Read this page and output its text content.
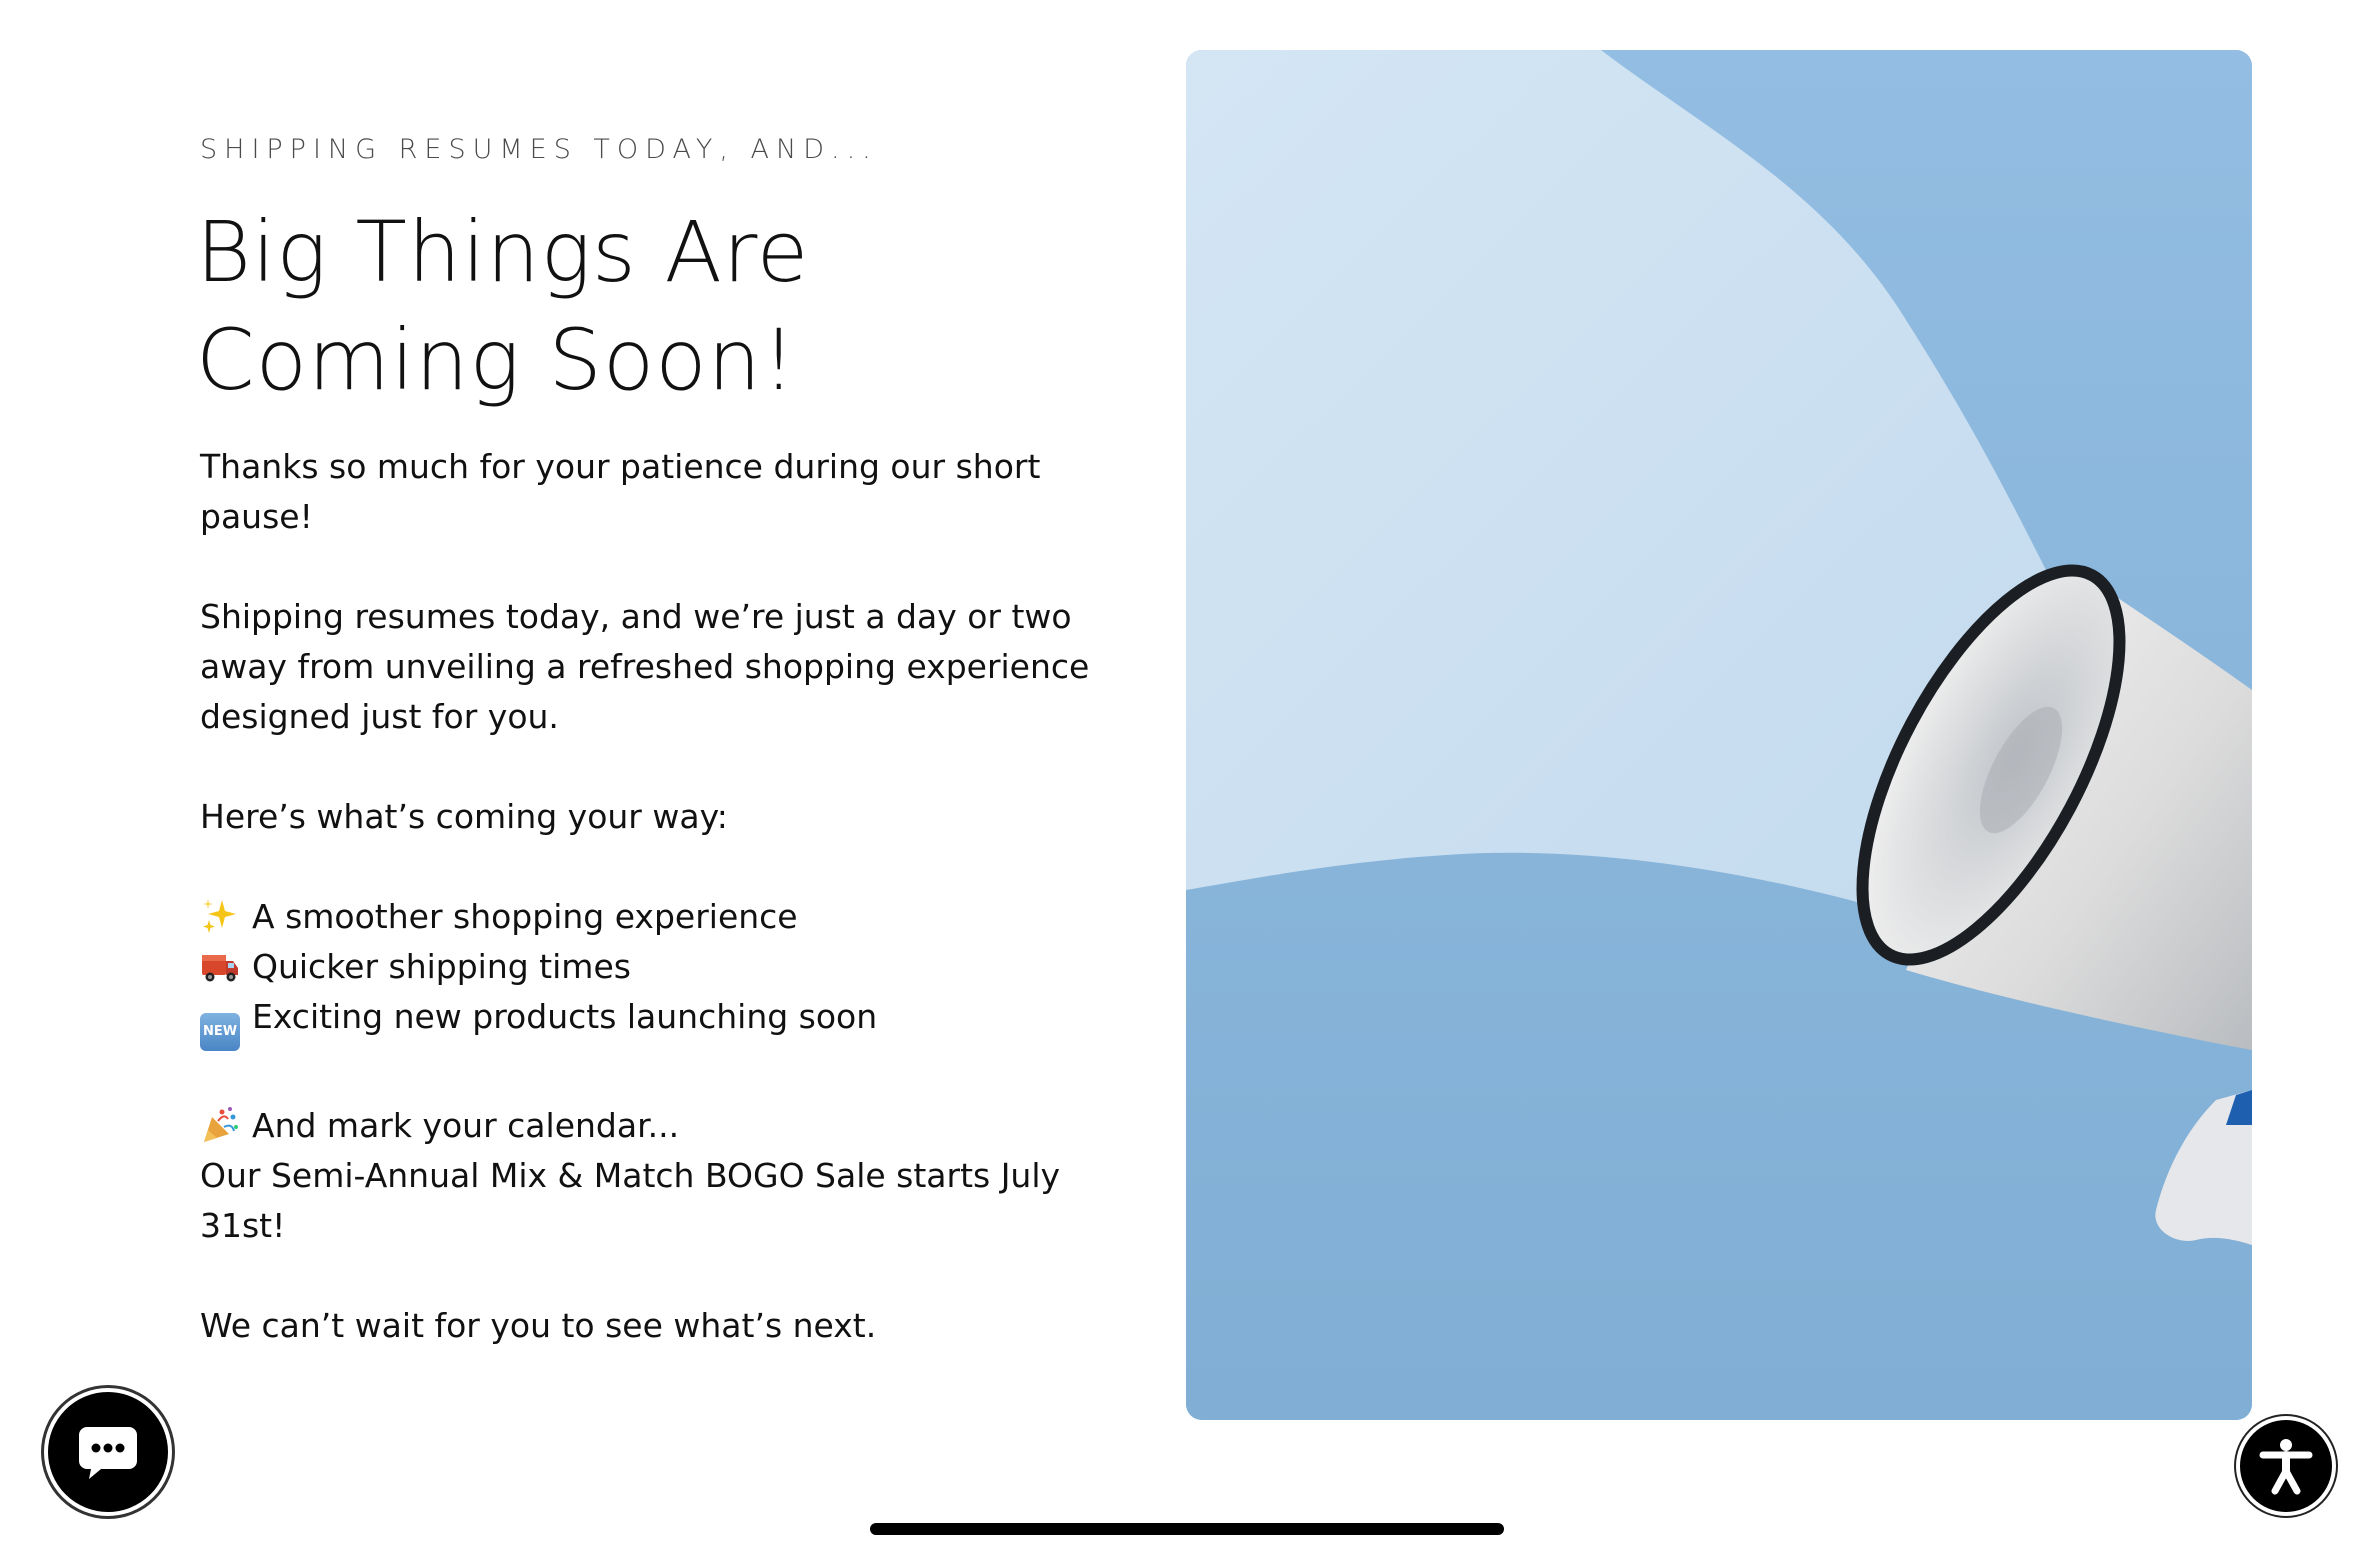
SHIPPING RESUMES TODAY, AND...

Big Things Are
Coming Soon!

Thanks so much for your patience during our short
pause!

Shipping resumes today, and we’re just a day or two
away from unveiling a refreshed shopping experience
designed just for you.

Here’s what’s coming your way:

A smoother shopping experience
Quicker shipping times
NEW Exciting new products launching soon

And mark your calendar...
Our Semi-Annual Mix & Match BOGO Sale starts July
31st!

We can’t wait for you to see what’s next.
